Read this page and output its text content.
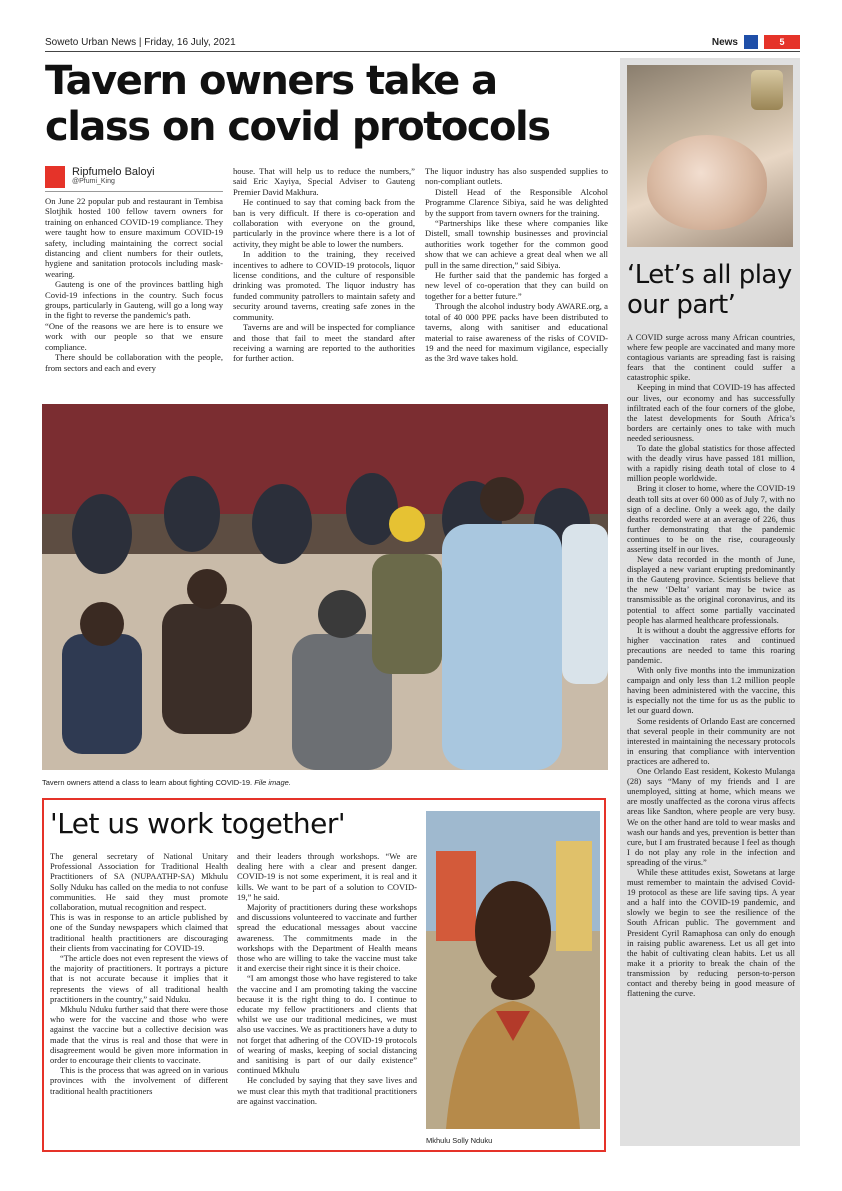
Soweto Urban News | Friday, 16 July, 2021	News	5
Tavern owners take a class on covid protocols
Ripfumelo Baloyi
@Pfumi_King

On June 22 popular pub and restaurant in Tembisa Slotjhik hosted 100 fellow tavern owners for training on enhanced COVID-19 compliance. They were taught how to ensure maximum COVID-19 safety, including maintaining the correct social distancing and client numbers for their outlets, hygiene and sanitation protocols including mask-wearing.

Gauteng is one of the provinces battling high Covid-19 infections in the country. Such focus groups, particularly in Gauteng, will go a long way in the fight to reverse the pandemic's path.

“One of the reasons we are here is to ensure we work with our people so that we ensure compliance.

There should be collaboration with the people, from sectors and each and every

house. That will help us to reduce the numbers,” said Eric Xayiya, Special Adviser to Gauteng Premier David Makhura.

He continued to say that coming back from the ban is very difficult. If there is co-operation and collaboration with everyone on the ground, particularly in the province where there is a lot of activity, they might be able to lower the numbers.

In addition to the training, they received incentives to adhere to COVID-19 protocols, liquor license conditions, and the culture of responsible drinking was promoted. The liquor industry has funded community patrollers to maintain safety and security around taverns, creating safe zones in the community.

Taverns are and will be inspected for compliance and those that fail to meet the standard after receiving a warning are reported to the authorities for further action.

The liquor industry has also suspended supplies to non-compliant outlets.

Distell Head of the Responsible Alcohol Programme Clarence Sibiya, said he was delighted by the support from tavern owners for the training.

“Partnerships like these where companies like Distell, small township businesses and provincial authorities work together for the common good show that we can achieve a great deal when we all pull in the same direction,” said Sibiya.

He further said that the pandemic has forged a new level of co-operation that they can build on together for a better future.”

Through the alcohol industry body AWARE.org, a total of 40 000 PPE packs have been distributed to taverns, along with sanitiser and educational material to raise awareness of the risks of COVID-19 and the need for maximum vigilance, especially as the 3rd wave takes hold.

Tavern owners attend a class to learn about fighting COVID-19. File image.
‘Let’s all play our part’

A COVID surge across many African countries, where few people are vaccinated and many more contagious variants are spreading fast is raising fears that the continent could suffer a catastrophic spike.

Keeping in mind that COVID-19 has affected our lives, our economy and has successfully infiltrated each of the four corners of the globe, the latest developments for South Africa’s borders are certainly ones to take with much needed seriousness.

To date the global statistics for those affected with the deadly virus have passed 181 million, with a rapidly rising death total of close to 4 million people worldwide.

Bring it closer to home, where the COVID-19 death toll sits at over 60 000 as of July 7, with no sign of a decline. Only a week ago, the daily deaths recorded were at an average of 226, thus further demonstrating that the pandemic continues to be on the rise, courageously asserting itself in our lives.

New data recorded in the month of June, displayed a new variant erupting predominantly in the Gauteng province. Scientists believe that the new ‘Delta’ variant may be twice as transmissible as the original coronavirus, and its potential to affect some partially vaccinated people has alarmed healthcare professionals.

It is without a doubt the aggressive efforts for higher vaccination rates and continued precautions are needed to tame this roaring pandemic.

With only five months into the immunization campaign and only less than 1.2 million people having been administered with the vaccine, this is especially not the time for us as the public to let our guard down.

Some residents of Orlando East are concerned that several people in their community are not interested in maintaining the necessary protocols in ensuring that compliance with intervention practices are adhered to.

One Orlando East resident, Kokesto Mulanga (28) says “Many of my friends and I are unemployed, sitting at home, which means we are mostly unaffected as the corona virus affects areas like Sandton, where people are very busy. We on the other hand are told to wear masks and wash our hands and yes, prevention is better than cure, but I am frustrated because I feel as though I do not play any role in the infection and spreading of the virus.”

While these attitudes exist, Sowetans at large must remember to maintain the advised Covid-19 protocol as these are life saving tips. A year and a half into the COVID-19 pandemic, and slowly we begin to see the resilience of the South African public. The government and President Cyril Ramaphosa can only do enough in raising public awareness. Let us all get into the habit of cultivating clean habits. Let us all make it a priority to break the chain of the transmission by reducing person-to-person contact and thereby being in good measure of flattening the curve.

'Let us work together'

The general secretary of National Unitary Professional Association for Traditional Health Practitioners of SA (NUPAATHP-SA) Mkhulu Solly Nduku has called on the media to not confuse communities. He said they must promote collaboration, mutual recognition and respect.

This is was in response to an article published by one of the Sunday newspapers which claimed that traditional health practitioners are discouraging their clients from vaccinating for COVID-19.

“The article does not even represent the views of the majority of practitioners. It portrays a picture that is not accurate because it implies that it represents the views of all traditional health practitioners in the country,” said Nduku.

Mkhulu Nduku further said that there were those who were for the vaccine and those who were against the vaccine but a collective decision was made that the virus is real and those that were in disagreement would be given more information in order to encourage their clients to vaccinate.

This is the process that was agreed on in various provinces with the involvement of different traditional health practitioners

and their leaders through workshops. “We are dealing here with a clear and present danger. COVID-19 is not some experiment, it is real and it kills. We want to be part of a solution to COVID-19,” he said.

Majority of practitioners during these workshops and discussions volunteered to vaccinate and further spread the educational messages about vaccine awareness. The commitments made in the workshops with the Department of Health means those who are willing to take the vaccine must take it and exercise their right since it is their choice.

“I am amongst those who have registered to take the vaccine and I am promoting taking the vaccine because it is the right thing to do. I continue to educate my fellow practitioners and clients that whilst we use our traditional medicines, we must also use vaccines. We as practitioners have a duty to not forget that adhering of the COVID-19 protocols of wearing of masks, keeping of social distancing and sanitising is part of our daily existence” continued Mkhulu

He concluded by saying that they save lives and we must clear this myth that traditional practitioners are against vaccination.

Mkhulu Solly Nduku
